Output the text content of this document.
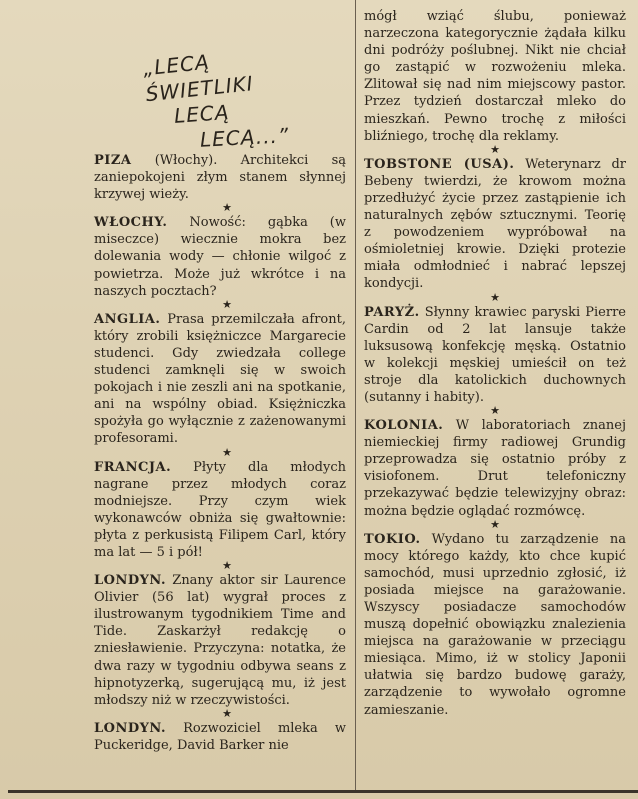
„LECĄ ŚWIETLIKI
LECĄ
LECĄ...”

PIZA (Włochy). Architekci są zaniepokojeni złym stanem słynnej krzywej wieży.

★

WŁOCHY. Nowość: gąbka (w miseczce) wiecznie mokra bez dolewania wody — chłonie wilgoć z powietrza. Może już wkrótce i na naszych pocztach?

★

ANGLIA. Prasa przemilczała afront, który zrobili księżniczce Margarecie studenci. Gdy zwiedzała college studenci zamknęli się w swoich pokojach i nie zeszli ani na spotkanie, ani na wspólny obiad. Księżniczka spożyła go wyłącznie z zażenowanymi profesorami.

★

FRANCJA. Płyty dla młodych nagrane przez młodych coraz modniejsze. Przy czym wiek wykonawców obniża się gwałtownie: płyta z perkusistą Filipem Carl, który ma lat — 5 i pół!

★

LONDYN. Znany aktor sir Laurence Olivier (56 lat) wygrał proces z ilustrowanym tygodnikiem Time and Tide. Zaskarżył redakcję o zniesławienie. Przyczyna: notatka, że dwa razy w tygodniu odbywa seans z hipnotyzerką, sugerującą mu, iż jest młodszy niż w rzeczywistości.

★

LONDYN. Rozwoziciel mleka w Puckeridge, David Barker nie

mógł wziąć ślubu, ponieważ narzeczona kategorycznie żądała kilku dni podróży poślubnej. Nikt nie chciał go zastąpić w rozwożeniu mleka. Zlitował się nad nim miejscowy pastor. Przez tydzień dostarczał mleko do mieszkań. Pewno trochę z miłości bliźniego, trochę dla reklamy.

★

TOBSTONE (USA). Weterynarz dr Bebeny twierdzi, że krowom można przedłużyć życie przez zastąpienie ich naturalnych zębów sztucznymi. Teorię z powodzeniem wypróbował na ośmioletniej krowie. Dzięki protezie miała odmłodnieć i nabrać lepszej kondycji.

★

PARYŻ. Słynny krawiec paryski Pierre Cardin od 2 lat lansuje także luksusową konfekcję męską. Ostatnio w kolekcji męskiej umieścił on też stroje dla katolickich duchownych (sutanny i habity).

★

KOLONIA. W laboratoriach znanej niemieckiej firmy radiowej Grundig przeprowadza się ostatnio próby z visiofonem. Drut telefoniczny przekazywać będzie telewizyjny obraz: można będzie oglądać rozmówcę.

★

TOKIO. Wydano tu zarządzenie na mocy którego każdy, kto chce kupić samochód, musi uprzednio zgłosić, iż posiada miejsce na garażowanie. Wszyscy posiadacze samochodów muszą dopełnić obowiązku znalezienia miejsca na garażowanie w przeciągu miesiąca. Mimo, iż w stolicy Japonii ułatwia się bardzo budowę garaży, zarządzenie to wywołało ogromne zamieszanie.
